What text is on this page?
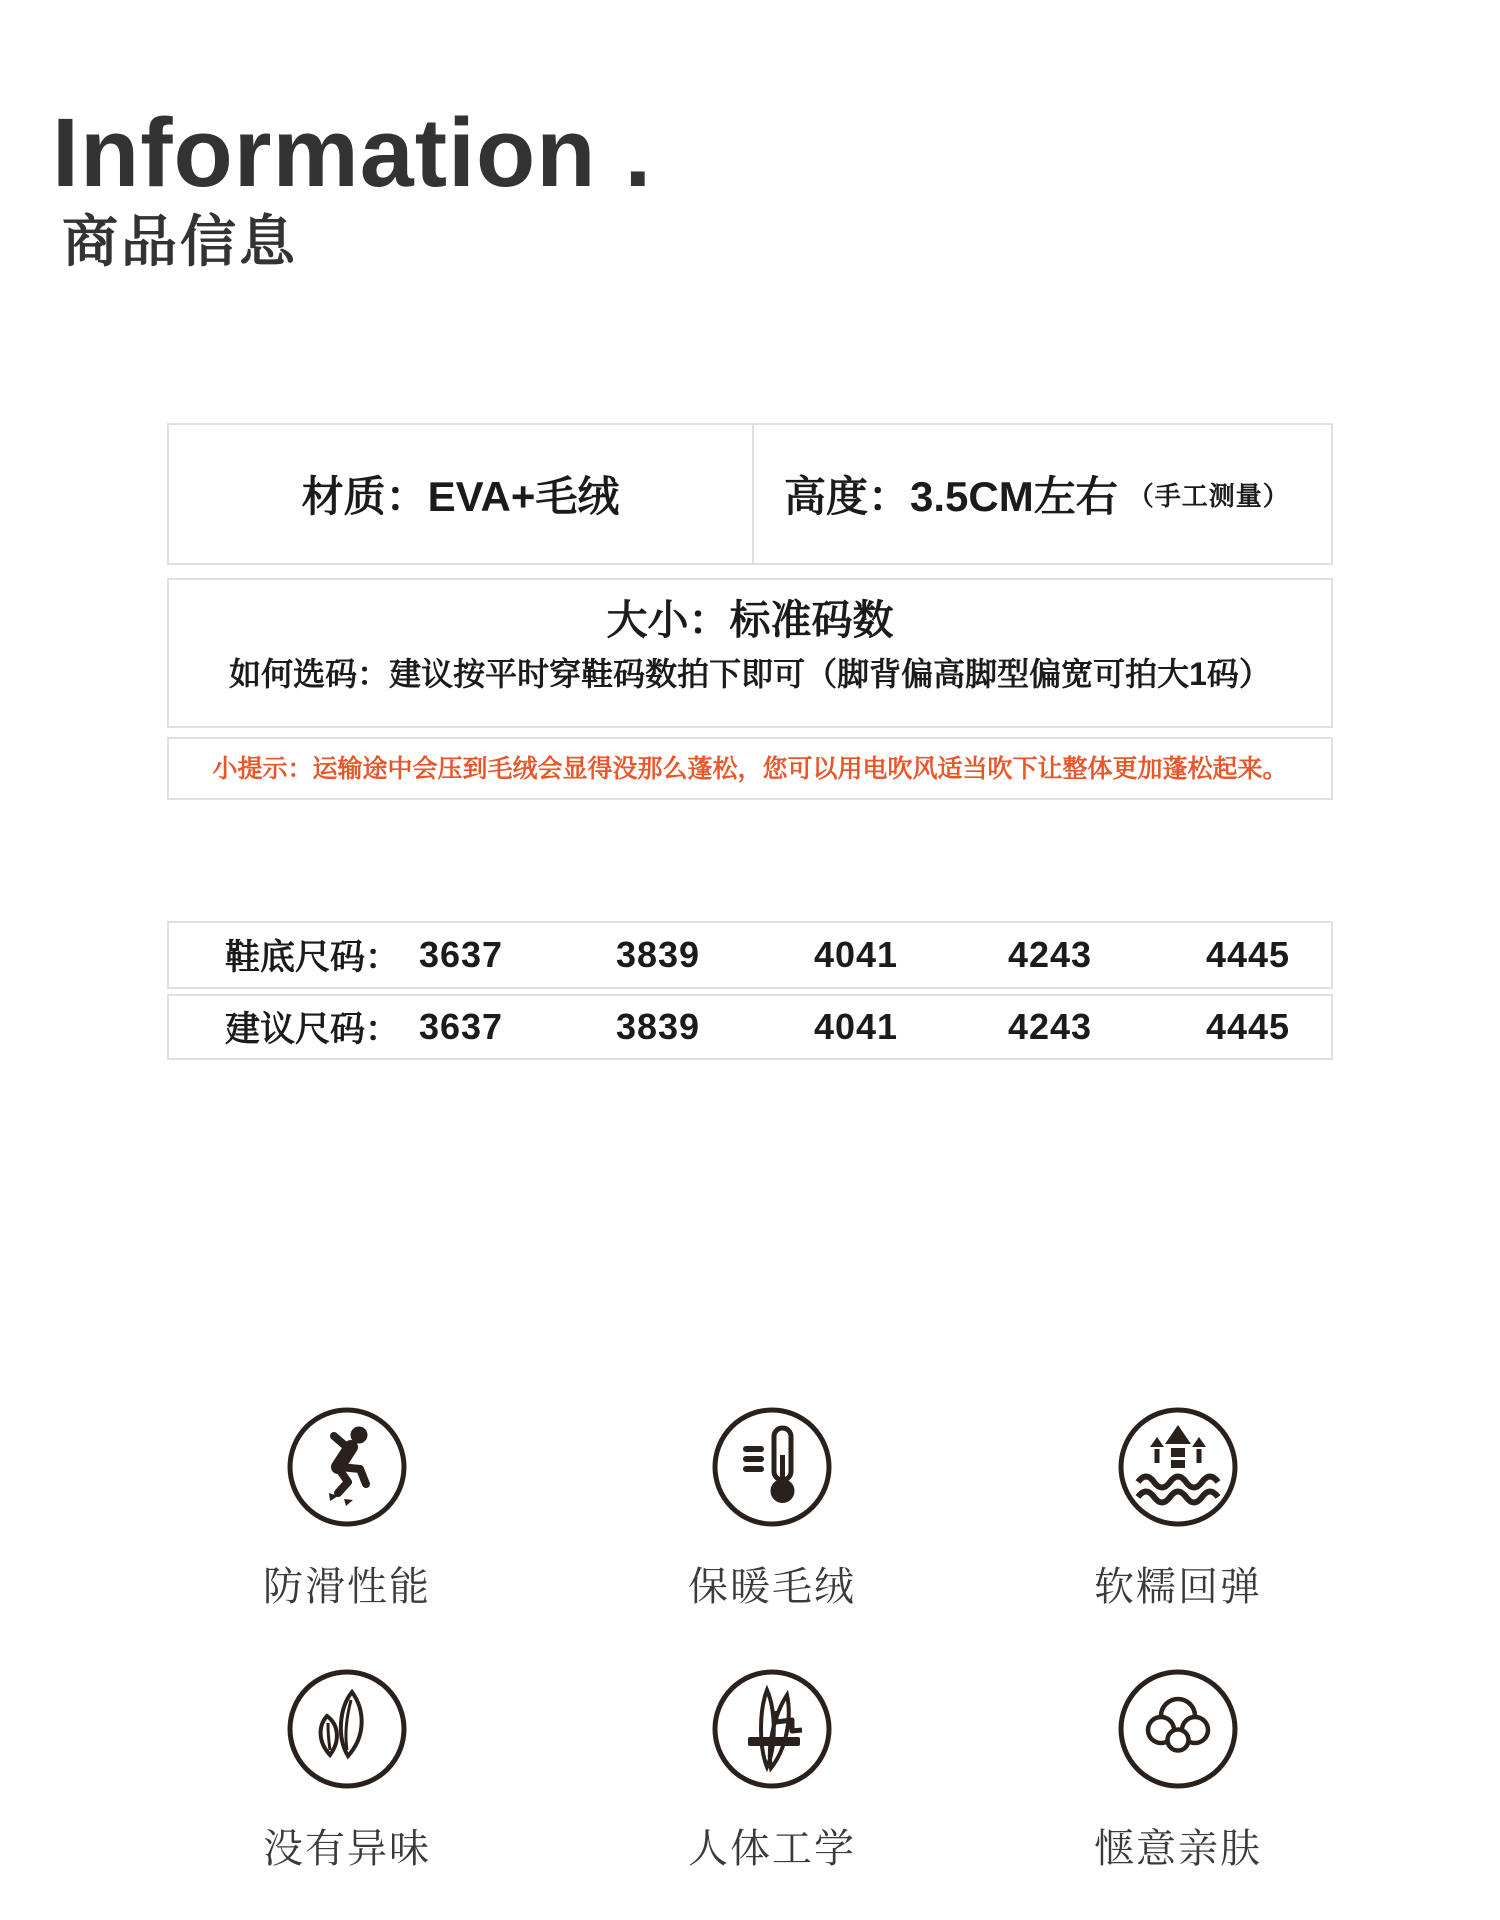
Information .
商品信息
材质：EVA+毛绒	高度：3.5CM左右 （手工测量）
大小：标准码数
如何选码：建议按平时穿鞋码数拍下即可（脚背偏高脚型偏宽可拍大1码）
小提示：运输途中会压到毛绒会显得没那么蓬松，您可以用电吹风适当吹下让整体更加蓬松起来。
鞋底尺码： 3637	3839	4041	4243	4445
建议尺码： 3637	3839	4041	4243	4445
防滑性能	保暖毛绒	软糯回弹
没有异味	人体工学	惬意亲肤
